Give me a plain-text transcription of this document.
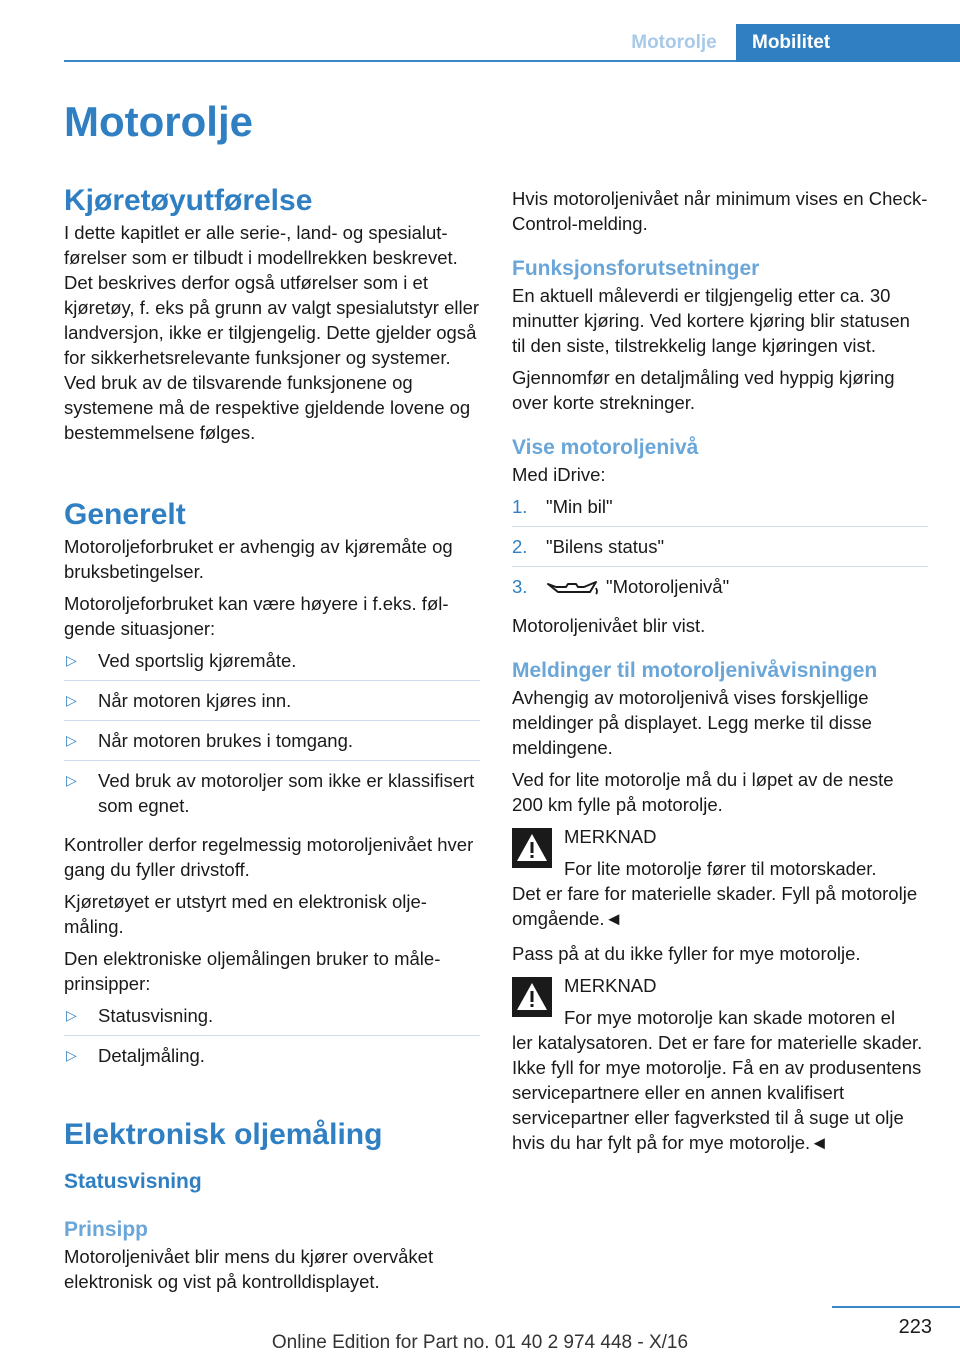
Motorolje	Mobilitet
Motorolje
Kjøretøyutførelse

I dette kapitlet er alle serie-, land- og spesialutførelser som er tilbudt i modellrekken beskrevet. Det beskrives derfor også utførelser som i et kjøretøy, f. eks på grunn av valgt spesialutstyr eller landversjon, ikke er tilgjengelig. Dette gjelder også for sikkerhetsrelevante funksjoner og systemer. Ved bruk av de tilsvarende funksjonene og systemene må de respektive gjeldende lovene og bestemmelsene følges.

Generelt

Motoroljeforbruket er avhengig av kjøremåte og bruksbetingelser.

Motoroljeforbruket kan være høyere i f.eks. følgende situasjoner:

▷ Ved sportslig kjøremåte.
▷ Når motoren kjøres inn.
▷ Når motoren brukes i tomgang.
▷ Ved bruk av motoroljer som ikke er klassifisert som egnet.

Kontroller derfor regelmessig motoroljenivået hver gang du fyller drivstoff.

Kjøretøyet er utstyrt med en elektronisk oljemåling.

Den elektroniske oljemålingen bruker to måleprinsipper:

▷ Statusvisning.
▷ Detaljmåling.
Elektronisk oljemåling
Statusvisning
Prinsipp

Motoroljenivået blir mens du kjører overvåket elektronisk og vist på kontrolldisplayet.

Hvis motoroljenivået når minimum vises en Check-Control-melding.

Funksjonsforutsetninger

En aktuell måleverdi er tilgjengelig etter ca. 30 minutter kjøring. Ved kortere kjøring blir statusen til den siste, tilstrekkelig lange kjøringen vist.

Gjennomfør en detaljmåling ved hyppig kjøring over korte strekninger.

Vise motoroljenivå

Med iDrive:

1. "Min bil"
2. "Bilens status"
3.	"Motoroljenivå"

Motoroljenivået blir vist.

Meldinger til motoroljenivåvisningen

Avhengig av motoroljenivå vises forskjellige meldinger på displayet. Legg merke til disse meldingene.

Ved for lite motorolje må du i løpet av de neste 200 km fylle på motorolje.

MERKNAD
For lite motorolje fører til motorskader.

Det er fare for materielle skader. Fyll på motorolje omgående.◄

Pass på at du ikke fyller for mye motorolje.

MERKNAD
For mye motorolje kan skade motoren el

ler katalysatoren. Det er fare for materielle skader. Ikke fyll for mye motorolje. Få en av produsentens servicepartnere eller en annen kvalifisert servicepartner eller fagverksted til å suge ut olje hvis du har fylt på for mye motorolje.◄

223
Online Edition for Part no. 01 40 2 974 448 - X/16
